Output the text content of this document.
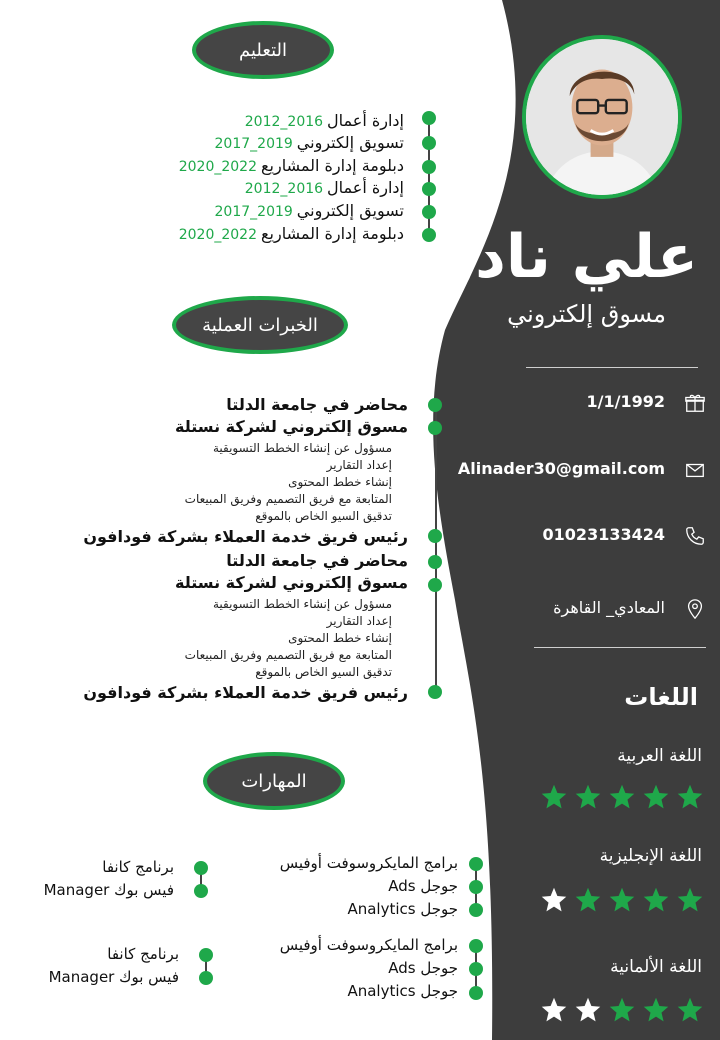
علي نادر
مسوق إلكتروني
1/1/1992
Alinader30@gmail.com
01023133424
المعادي_ القاهرة
اللغات
اللغة العربية
اللغة الإنجليزية
اللغة الألمانية
التعليم
إدارة أعمال2016_2012
تسويق إلكتروني2019_2017
دبلومة إدارة المشاريع2022_2020
إدارة أعمال2016_2012
تسويق إلكتروني2019_2017
دبلومة إدارة المشاريع2022_2020
الخبرات العملية
محاضر في جامعة الدلتا
مسوق إلكتروني لشركة نستلة
مسؤول عن إنشاء الخطط التسويقية
إعداد التقارير
إنشاء خطط المحتوى
المتابعة مع فريق التصميم وفريق المبيعات
تدقيق السيو الخاص بالموقع
رئيس فريق خدمة العملاء بشركة فودافون
محاضر في جامعة الدلتا
مسوق إلكتروني لشركة نستلة
مسؤول عن إنشاء الخطط التسويقية
إعداد التقارير
إنشاء خطط المحتوى
المتابعة مع فريق التصميم وفريق المبيعات
تدقيق السيو الخاص بالموقع
رئيس فريق خدمة العملاء بشركة فودافون
المهارات
برامج المايكروسوفت أوفيس
جوجل Ads
جوجل Analytics
برنامج كانفا
فيس بوك Manager
برامج المايكروسوفت أوفيس
جوجل Ads
جوجل Analytics
برنامج كانفا
فيس بوك Manager
